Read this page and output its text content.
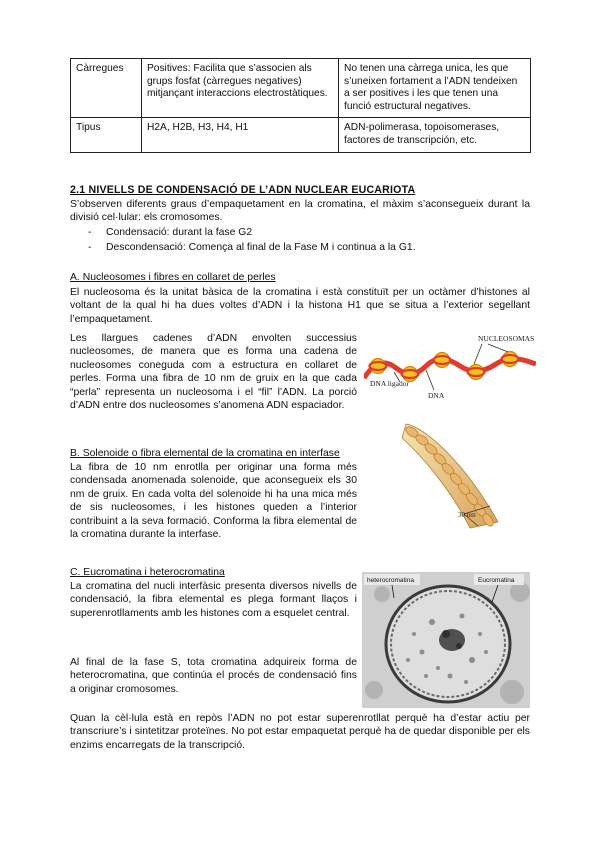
Càrregues	Positives: Facilita que s’associen als grups fosfat (càrregues negatives) mitjançant interaccions electrostàtiques.	No tenen una càrrega unica, les que s’uneixen fortament a l’ADN tendeixen a ser positives i les que tenen una funció estructural negatives.
Tipus	H2A, H2B, H3, H4, H1	ADN-polimerasa, topoisomerases, factores de transcripción, etc.
2.1 NIVELLS DE CONDENSACIÓ DE L’ADN NUCLEAR EUCARIOTA
S’observen diferents graus d’empaquetament en la cromatina, el màxim s’aconsegueix durant la divisió cel·lular: els cromosomes.
- Condensació: durant la fase G2
- Descondensació: Comença al final de la Fase M i continua a la G1.
A. Nucleosomes i fibres en collaret de perles
El nucleosoma és la unitat bàsica de la cromatina i està constituït per un octàmer d’histones al voltant de la qual hi ha dues voltes d’ADN i la histona H1 que se situa a l’exterior segellant l’empaquetament.
Les llargues cadenes d’ADN envolten successius nucleosomes, de manera que es forma una cadena de nucleosomes coneguda com a estructura en collaret de perles. Forma una fibra de 10 nm de gruix en la que cada “perla” representa un nucleosoma i el “fil” l’ADN. La porció d’ADN entre dos nucleosomes s’anomena ADN espaciador.
NUCLEOSOMAS
DNA ligador
DNA
B. Solenoide o fibra elemental de la cromatina en interfase
La fibra de 10 nm enrotlla per originar una forma més condensada anomenada solenoide, que aconsegueix els 30 nm de gruix. En cada volta del solenoide hi ha una mica més de sis nucleosomes, i les histones queden a l’interior contribuint a la seva formació. Conforma la fibra elemental de la cromatina durante la interfase.
30 nm
C. Eucromatina i heterocromatina
La cromatina del nucli interfàsic presenta diversos nivells de condensació, la fibra elemental es plega formant llaços i superenrotllaments amb les histones com a esquelet central.
Al final de la fase S, tota cromatina adquireix forma de heterocromatina, que continúa el procés de condensació fins a originar cromosomes.
Quan la cèl·lula està en repòs l’ADN no pot estar superenrotllat perquè ha d’estar actiu per transcriure’s i sintetitzar proteïnes. No pot estar empaquetat perquè ha de quedar disponible per els enzims encarregats de la transcripció.
heterocromatina	Eucromatina
